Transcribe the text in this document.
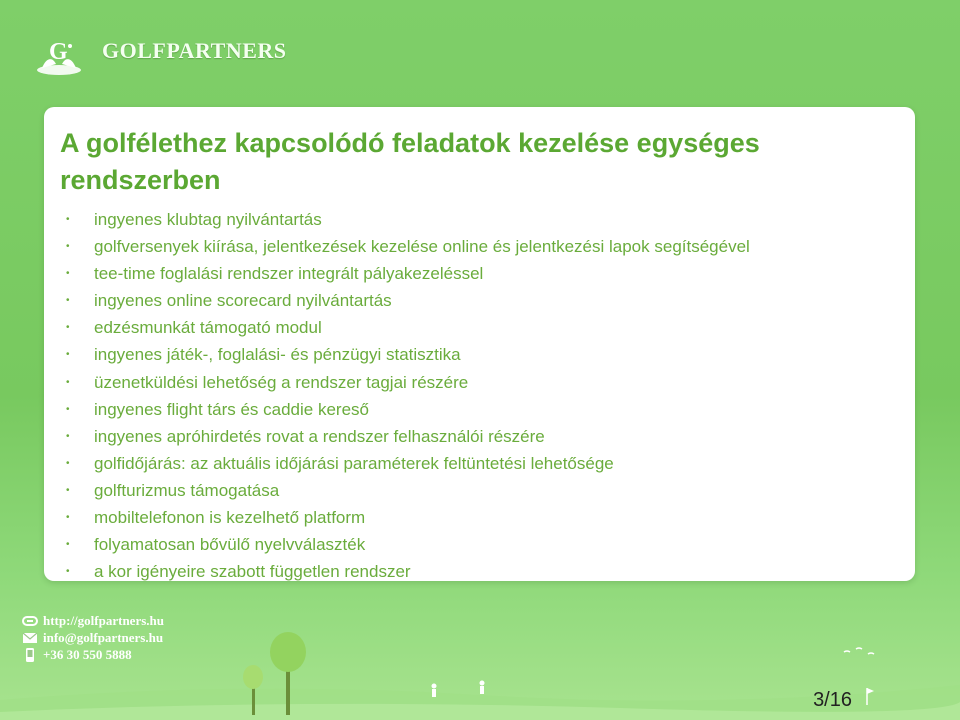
G GOLFPARTNERS
A golfélethez kapcsolódó feladatok kezelése egységes rendszerben
• ingyenes klubtag nyilvántartás
• golfversenyek kiírása, jelentkezések kezelése online és jelentkezési lapok segítségével
• tee-time foglalási rendszer integrált pályakezeléssel
• ingyenes online scorecard nyilvántartás
• edzésmunkát támogató modul
• ingyenes játék-, foglalási- és pénzügyi statisztika
• üzenetküldési lehetőség a rendszer tagjai részére
• ingyenes flight társ és caddie kereső
• ingyenes apróhirdetés rovat a rendszer felhasználói részére
• golfidőjárás: az aktuális időjárási paraméterek feltüntetési lehetősége
• golfturizmus támogatása
• mobiltelefonon is kezelhető platform
• folyamatosan bővülő nyelvválaszték
• a kor igényeire szabott független rendszer
http://golfpartners.hu
info@golfpartners.hu
+36 30 550 5888
3/16
